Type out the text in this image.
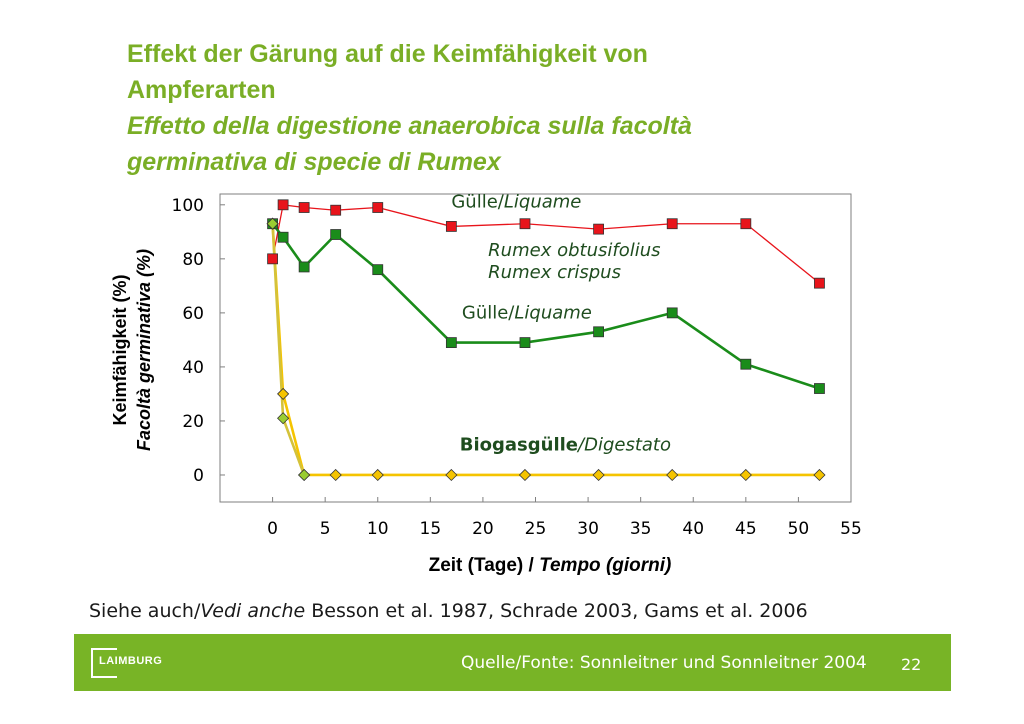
Effekt der Gärung auf die Keimfähigkeit von
Ampferarten
Effetto della digestione anaerobica sulla facoltà
germinativa di specie di Rumex
0
20
40
60
80
100
0 5 10 15 20 25 30 35 40 45 50 55
Gülle/Liquame
Rumex obtusifolius
Rumex crispus
Gülle/Liquame
Biogasgülle/Digestato
Zeit (Tage) / Tempo (giorni)
Keimfähigkeit (%) Facoltà germinativa (%)
Siehe auch/Vedi anche Besson et al. 1987, Schrade 2003, Gams et al. 2006
LAIMBURG	Quelle/Fonte: Sonnleitner und Sonnleitner 2004 22
